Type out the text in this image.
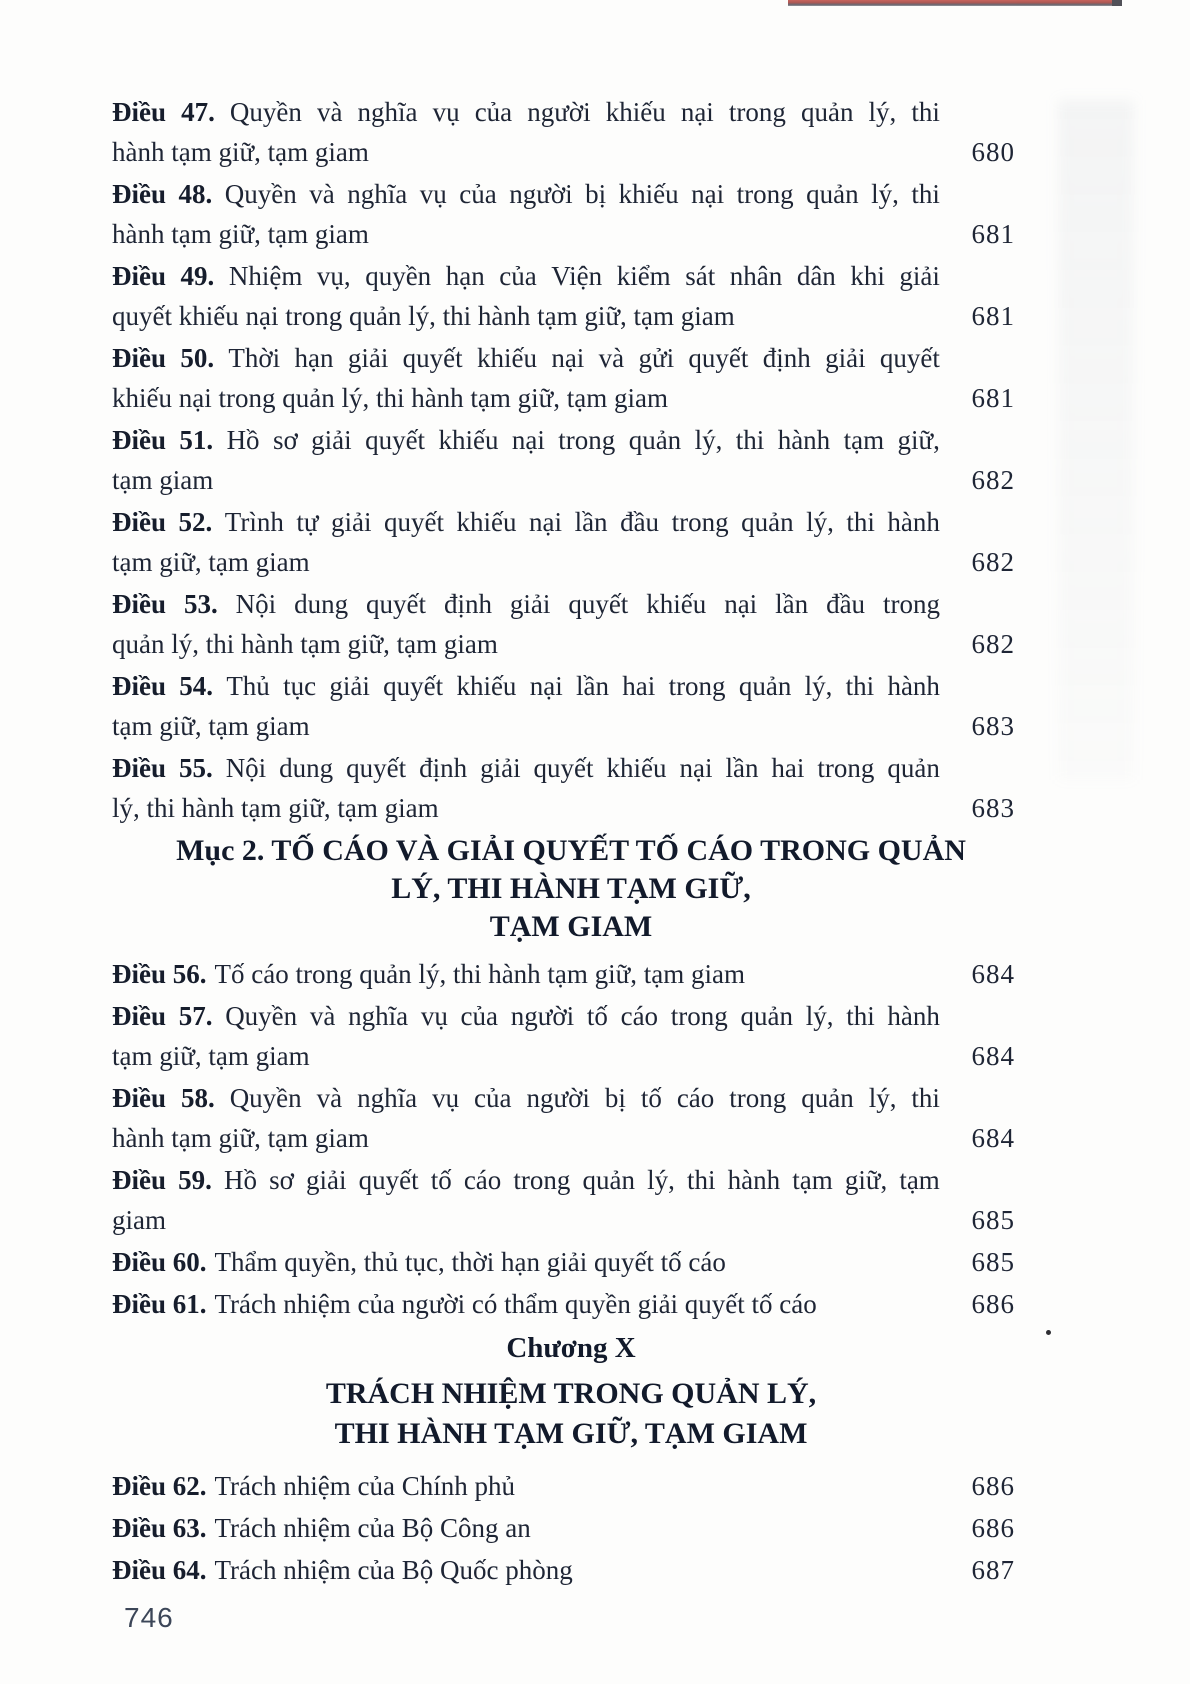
Điều 47. Quyền và nghĩa vụ của người khiếu nại trong quản lý, thi
hành tạm giữ, tạm giam	680
Điều 48. Quyền và nghĩa vụ của người bị khiếu nại trong quản lý, thi
hành tạm giữ, tạm giam	681
Điều 49. Nhiệm vụ, quyền hạn của Viện kiểm sát nhân dân khi giải
quyết khiếu nại trong quản lý, thi hành tạm giữ, tạm giam	681
Điều 50. Thời hạn giải quyết khiếu nại và gửi quyết định giải quyết
khiếu nại trong quản lý, thi hành tạm giữ, tạm giam	681
Điều 51. Hồ sơ giải quyết khiếu nại trong quản lý, thi hành tạm giữ,
tạm giam	682
Điều 52. Trình tự giải quyết khiếu nại lần đầu trong quản lý, thi hành
tạm giữ, tạm giam	682
Điều 53. Nội dung quyết định giải quyết khiếu nại lần đầu trong
quản lý, thi hành tạm giữ, tạm giam	682
Điều 54. Thủ tục giải quyết khiếu nại lần hai trong quản lý, thi hành
tạm giữ, tạm giam	683
Điều 55. Nội dung quyết định giải quyết khiếu nại lần hai trong quản
lý, thi hành tạm giữ, tạm giam	683
Mục 2. TỐ CÁO VÀ GIẢI QUYẾT TỐ CÁO TRONG QUẢN
LÝ, THI HÀNH TẠM GIỮ,
TẠM GIAM
Điều 56. Tố cáo trong quản lý, thi hành tạm giữ, tạm giam	684
Điều 57. Quyền và nghĩa vụ của người tố cáo trong quản lý, thi hành
tạm giữ, tạm giam	684
Điều 58. Quyền và nghĩa vụ của người bị tố cáo trong quản lý, thi
hành tạm giữ, tạm giam	684
Điều 59. Hồ sơ giải quyết tố cáo trong quản lý, thi hành tạm giữ, tạm
giam	685
Điều 60. Thẩm quyền, thủ tục, thời hạn giải quyết tố cáo	685
Điều 61. Trách nhiệm của người có thẩm quyền giải quyết tố cáo	686
Chương X
TRÁCH NHIỆM TRONG QUẢN LÝ,
THI HÀNH TẠM GIỮ, TẠM GIAM
Điều 62. Trách nhiệm của Chính phủ	686
Điều 63. Trách nhiệm của Bộ Công an	686
Điều 64. Trách nhiệm của Bộ Quốc phòng	687
746
